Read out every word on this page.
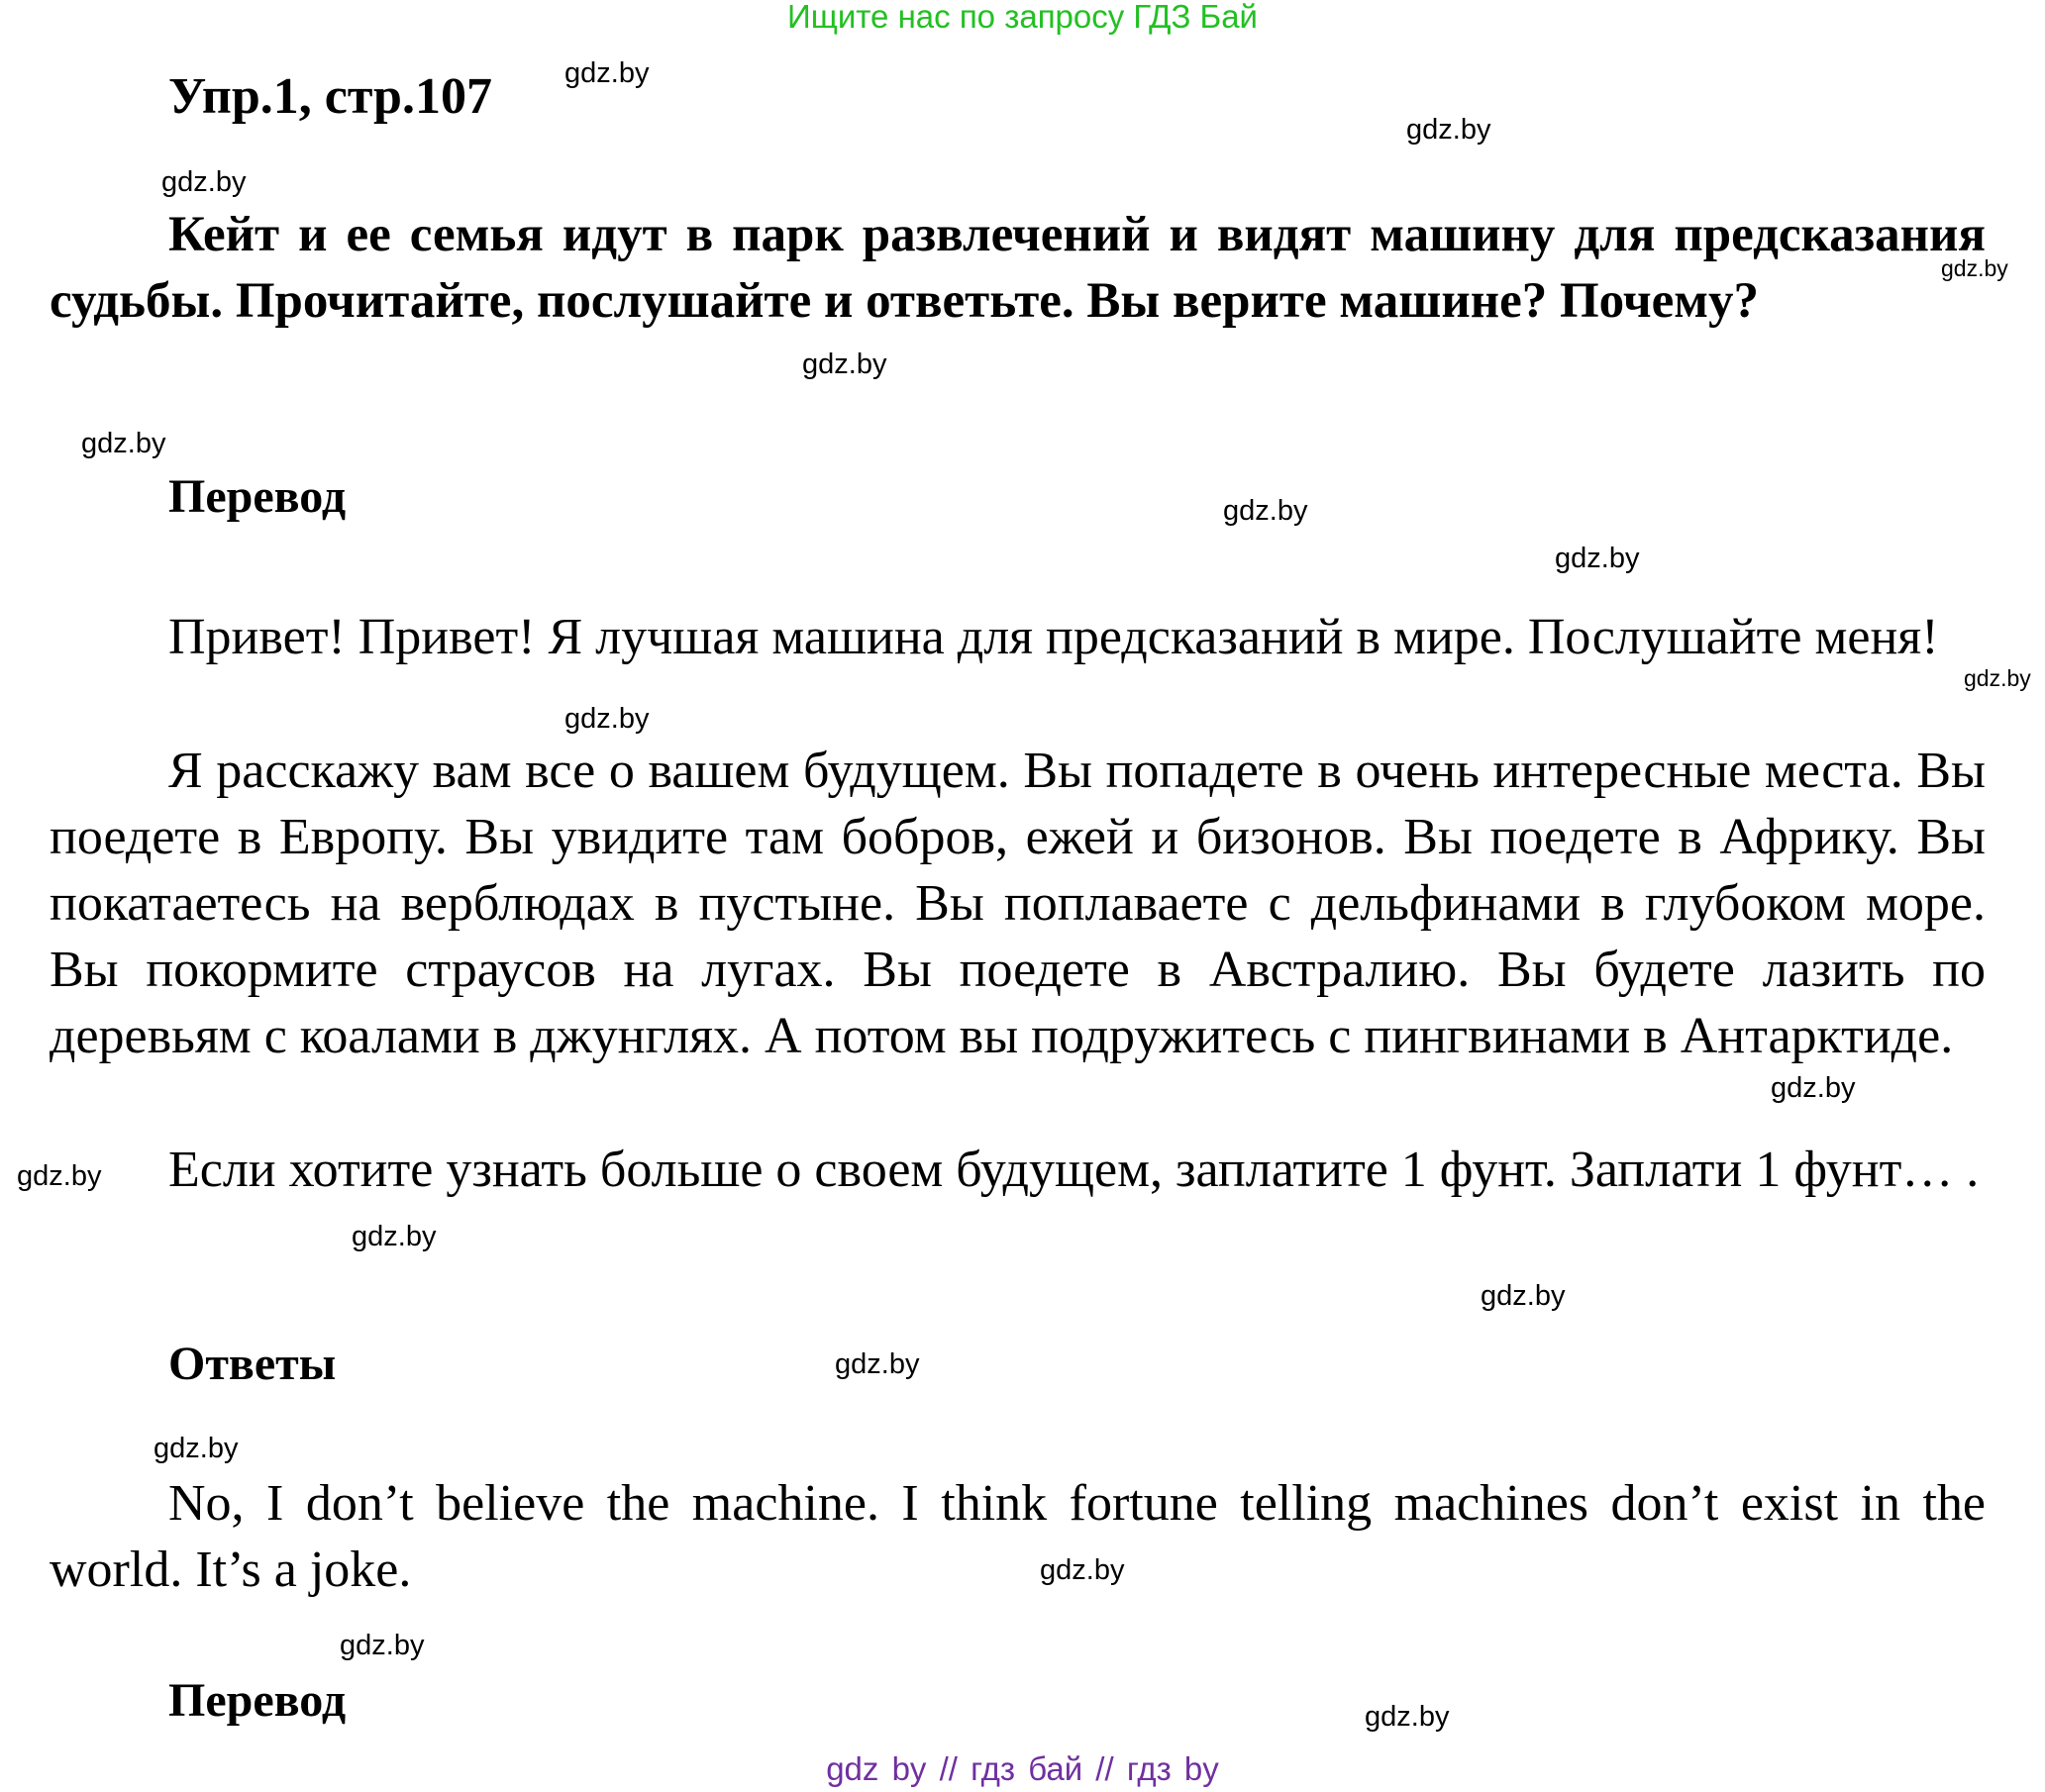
Ищите нас по запросу ГДЗ Бай
Упр.1, стр.107

Кейт и ее семья идут в парк развлечений и видят машину для предсказания судьбы. Прочитайте, послушайте и ответьте. Вы верите машине? Почему?

Перевод

Привет! Привет! Я лучшая машина для предсказаний в мире. Послушайте меня!

Я расскажу вам все о вашем будущем. Вы попадете в очень интересные места. Вы поедете в Европу. Вы увидите там бобров, ежей и бизонов. Вы поедете в Африку. Вы покатаетесь на верблюдах в пустыне. Вы поплаваете с дельфинами в глубоком море. Вы покормите страусов на лугах. Вы поедете в Австралию. Вы будете лазить по деревьям с коалами в джунглях. А потом вы подружитесь с пингвинами в Антарктиде.

Если хотите узнать больше о своем будущем, заплатите 1 фунт. Заплати 1 фунт… .

Ответы

No, I don’t believe the machine. I think fortune telling machines don’t exist in the world. It’s a joke.

Перевод
gdz.by
gdz.by
gdz.by
gdz.by
gdz.by
gdz.by
gdz.by
gdz.by
gdz.by
gdz.by
gdz.by
gdz.by
gdz.by
gdz.by
gdz.by
gdz.by
gdz.by
gdz.by
gdz.by
gdz by // гдз бай // гдз by
